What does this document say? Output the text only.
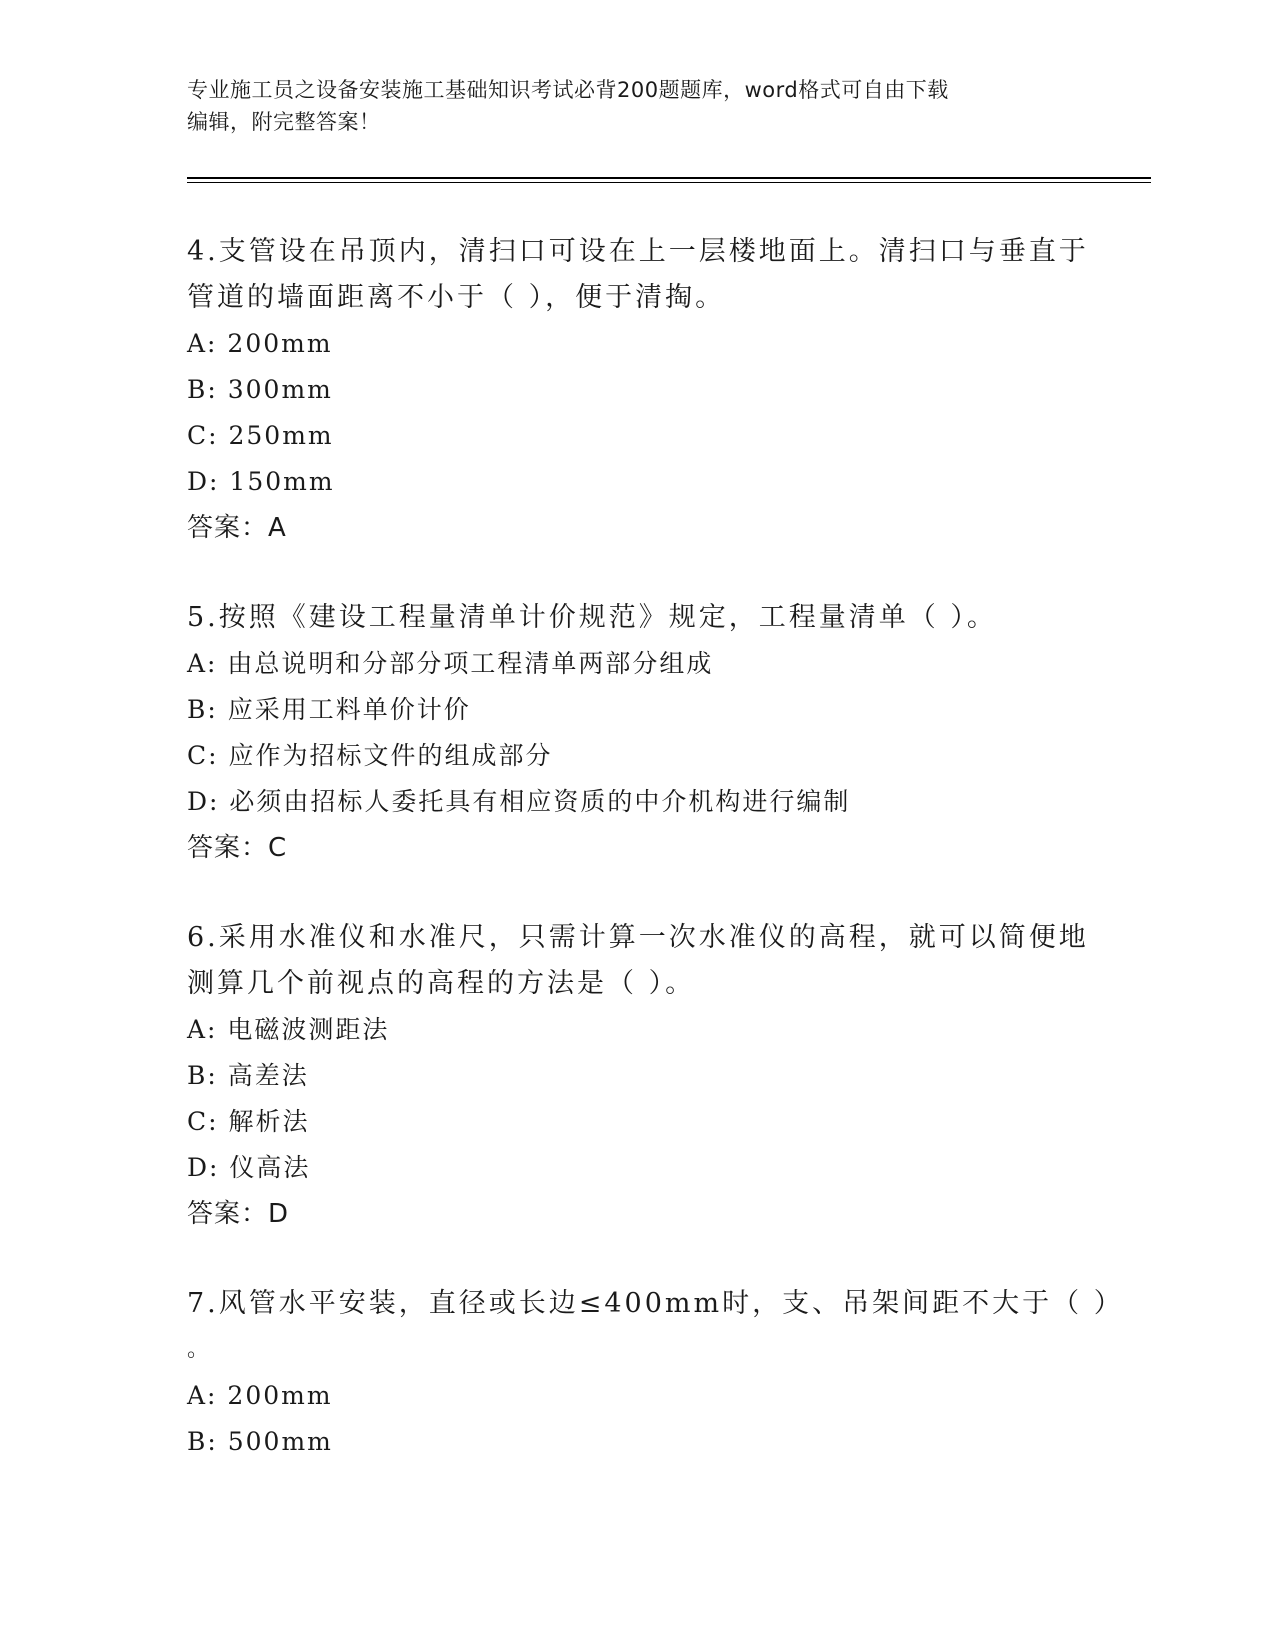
专业施工员之设备安装施工基础知识考试必背200题题库，word格式可自由下载
编辑，附完整答案！
4.支管设在吊顶内，清扫口可设在上一层楼地面上。清扫口与垂直于
管道的墙面距离不小于（ ），便于清掏。
A: 200mm
B: 300mm
C: 250mm
D: 150mm
答案：A
5.按照《建设工程量清单计价规范》规定，工程量清单（ ）。
A: 由总说明和分部分项工程清单两部分组成
B: 应采用工料单价计价
C: 应作为招标文件的组成部分
D: 必须由招标人委托具有相应资质的中介机构进行编制
答案：C
6.采用水准仪和水准尺，只需计算一次水准仪的高程，就可以简便地
测算几个前视点的高程的方法是（ ）。
A: 电磁波测距法
B: 高差法
C: 解析法
D: 仪高法
答案：D
7.风管水平安装，直径或长边≤400mm时，支、吊架间距不大于（ ）
。
A: 200mm
B: 500mm
